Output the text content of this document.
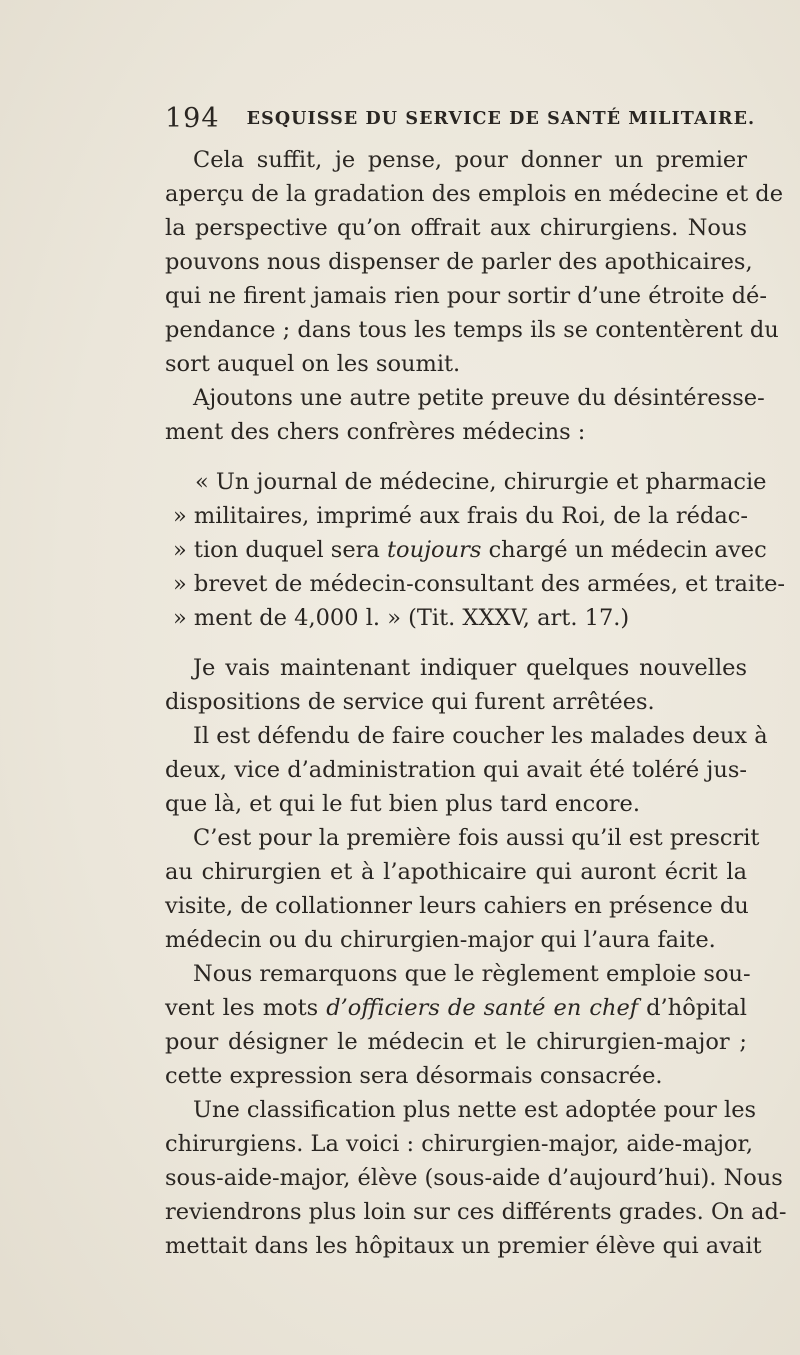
194 ESQUISSE DU SERVICE DE SANTÉ MILITAIRE.
Cela suffit, je pense, pour donner un premier
aperçu de la gradation des emplois en médecine et de
la perspective qu’on offrait aux chirurgiens. Nous
pouvons nous dispenser de parler des apothicaires,
qui ne firent jamais rien pour sortir d’une étroite dé-
pendance ; dans tous les temps ils se contentèrent du
sort auquel on les soumit.
Ajoutons une autre petite preuve du désintéresse-
ment des chers confrères médecins :
« Un journal de médecine, chirurgie et pharmacie
» militaires, imprimé aux frais du Roi, de la rédac-
» tion duquel sera toujours chargé un médecin avec
» brevet de médecin-consultant des armées, et traite-
» ment de 4,000 l. » (Tit. XXXV, art. 17.)
Je vais maintenant indiquer quelques nouvelles
dispositions de service qui furent arrêtées.
Il est défendu de faire coucher les malades deux à
deux, vice d’administration qui avait été toléré jus-
que là, et qui le fut bien plus tard encore.
C’est pour la première fois aussi qu’il est prescrit
au chirurgien et à l’apothicaire qui auront écrit la
visite, de collationner leurs cahiers en présence du
médecin ou du chirurgien-major qui l’aura faite.
Nous remarquons que le règlement emploie sou-
vent les mots d’officiers de santé en chef d’hôpital
pour désigner le médecin et le chirurgien-major ;
cette expression sera désormais consacrée.
Une classification plus nette est adoptée pour les
chirurgiens. La voici : chirurgien-major, aide-major,
sous-aide-major, élève (sous-aide d’aujourd’hui). Nous
reviendrons plus loin sur ces différents grades. On ad-
mettait dans les hôpitaux un premier élève qui avait
